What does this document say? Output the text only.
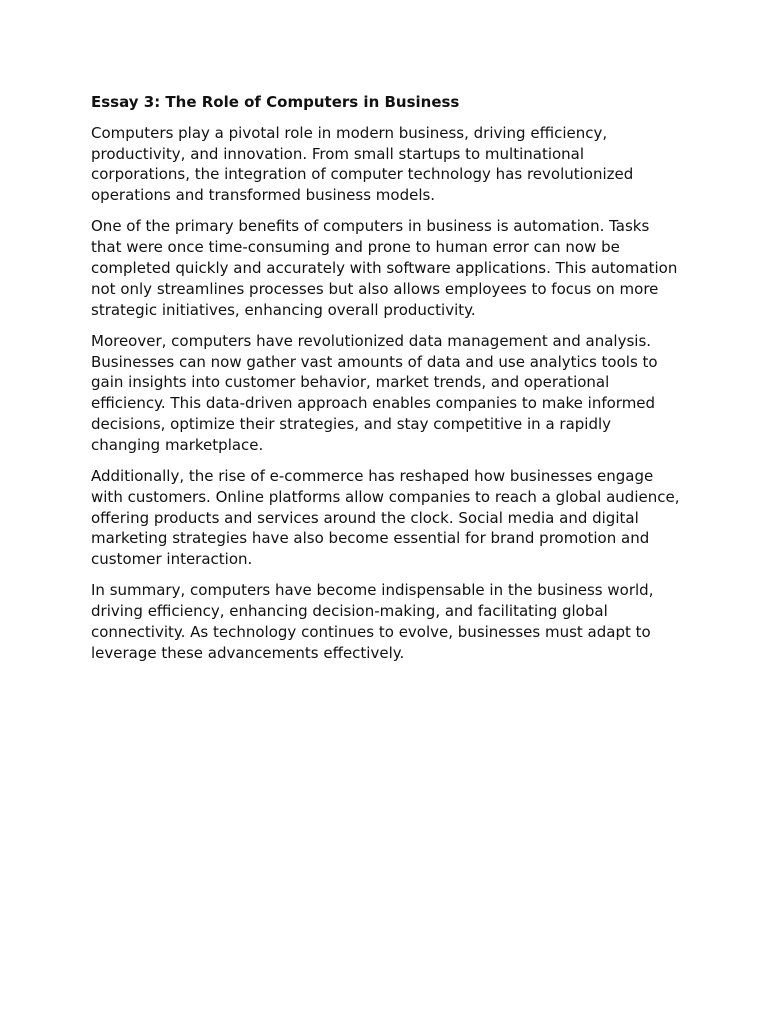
Essay 3: The Role of Computers in Business

Computers play a pivotal role in modern business, driving efficiency, productivity, and innovation. From small startups to multinational corporations, the integration of computer technology has revolutionized operations and transformed business models.

One of the primary benefits of computers in business is automation. Tasks that were once time-consuming and prone to human error can now be completed quickly and accurately with software applications. This automation not only streamlines processes but also allows employees to focus on more strategic initiatives, enhancing overall productivity.

Moreover, computers have revolutionized data management and analysis. Businesses can now gather vast amounts of data and use analytics tools to gain insights into customer behavior, market trends, and operational efficiency. This data-driven approach enables companies to make informed decisions, optimize their strategies, and stay competitive in a rapidly changing marketplace.

Additionally, the rise of e-commerce has reshaped how businesses engage with customers. Online platforms allow companies to reach a global audience, offering products and services around the clock. Social media and digital marketing strategies have also become essential for brand promotion and customer interaction.

In summary, computers have become indispensable in the business world, driving efficiency, enhancing decision-making, and facilitating global connectivity. As technology continues to evolve, businesses must adapt to leverage these advancements effectively.
